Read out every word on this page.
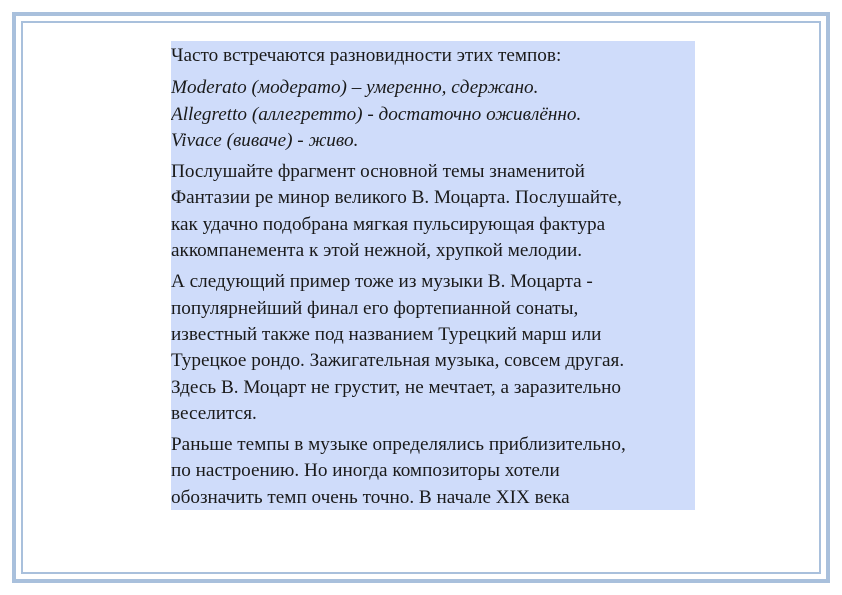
Часто встречаются разновидности этих темпов:

Moderato (модерато) – умеренно, сдержано.
Allegretto (аллегретто) - достаточно оживлённо.
Vivace (виваче) - живо.
Послушайте фрагмент основной темы знаменитой
Фантазии ре минор великого В. Моцарта. Послушайте,
как удачно подобрана мягкая пульсирующая фактура
аккомпанемента к этой нежной, хрупкой мелодии.
А следующий пример тоже из музыки В. Моцарта -
популярнейший финал его фортепианной сонаты,
известный также под названием Турецкий марш или
Турецкое рондо. Зажигательная музыка, совсем другая.
Здесь В. Моцарт не грустит, не мечтает, а заразительно
веселится.
Раньше темпы в музыке определялись приблизительно,
по настроению. Но иногда композиторы хотели
обозначить темп очень точно. В начале XIX века
